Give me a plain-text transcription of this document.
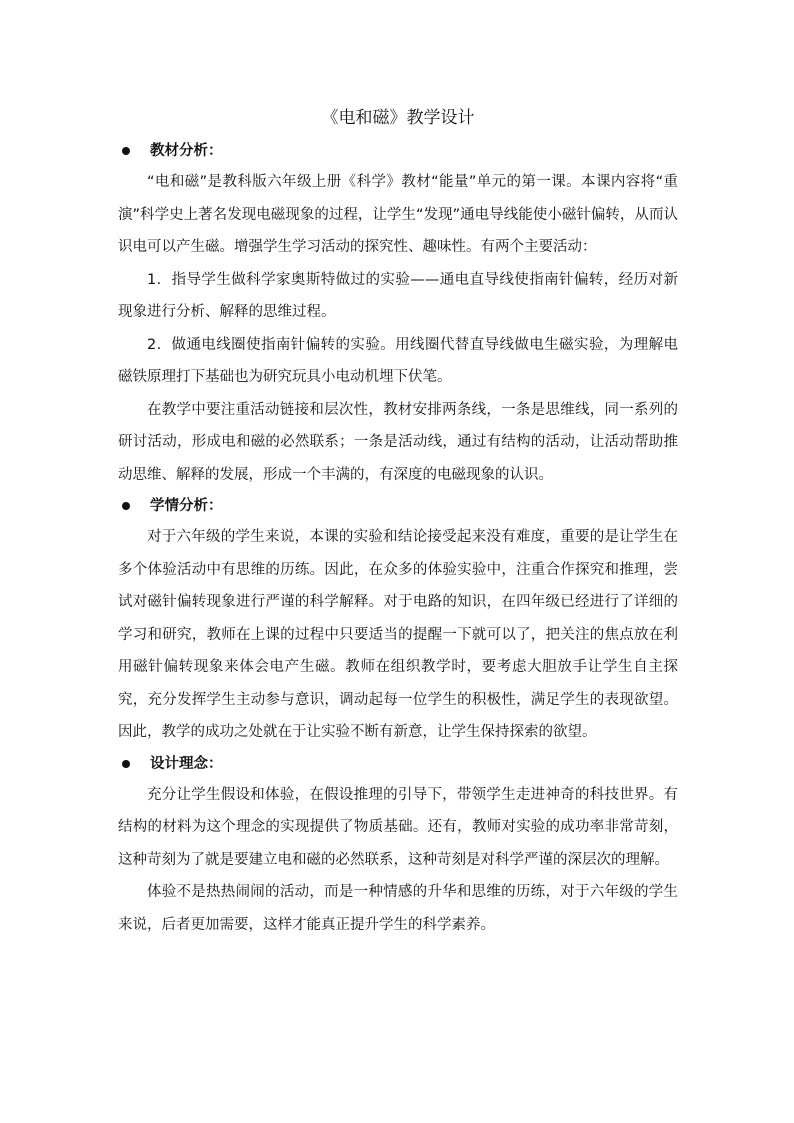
《电和磁》教学设计
教材分析：

“电和磁”是教科版六年级上册《科学》教材“能量”单元的第一课。本课内容将“重演”科学史上著名发现电磁现象的过程，让学生“发现”通电导线能使小磁针偏转，从而认识电可以产生磁。增强学生学习活动的探究性、趣味性。有两个主要活动：

1．指导学生做科学家奥斯特做过的实验——通电直导线使指南针偏转，经历对新现象进行分析、解释的思维过程。

2．做通电线圈使指南针偏转的实验。用线圈代替直导线做电生磁实验，为理解电磁铁原理打下基础也为研究玩具小电动机埋下伏笔。

在教学中要注重活动链接和层次性，教材安排两条线，一条是思维线，同一系列的研讨活动，形成电和磁的必然联系；一条是活动线，通过有结构的活动，让活动帮助推动思维、解释的发展，形成一个丰满的，有深度的电磁现象的认识。

学情分析：

对于六年级的学生来说，本课的实验和结论接受起来没有难度，重要的是让学生在多个体验活动中有思维的历练。因此，在众多的体验实验中，注重合作探究和推理，尝试对磁针偏转现象进行严谨的科学解释。对于电路的知识，在四年级已经进行了详细的学习和研究，教师在上课的过程中只要适当的提醒一下就可以了，把关注的焦点放在利用磁针偏转现象来体会电产生磁。教师在组织教学时，要考虑大胆放手让学生自主探究，充分发挥学生主动参与意识，调动起每一位学生的积极性，满足学生的表现欲望。因此，教学的成功之处就在于让实验不断有新意，让学生保持探索的欲望。

设计理念：

充分让学生假设和体验，在假设推理的引导下，带领学生走进神奇的科技世界。有结构的材料为这个理念的实现提供了物质基础。还有，教师对实验的成功率非常苛刻，这种苛刻为了就是要建立电和磁的必然联系，这种苛刻是对科学严谨的深层次的理解。

体验不是热热闹闹的活动，而是一种情感的升华和思维的历练，对于六年级的学生来说，后者更加需要，这样才能真正提升学生的科学素养。
